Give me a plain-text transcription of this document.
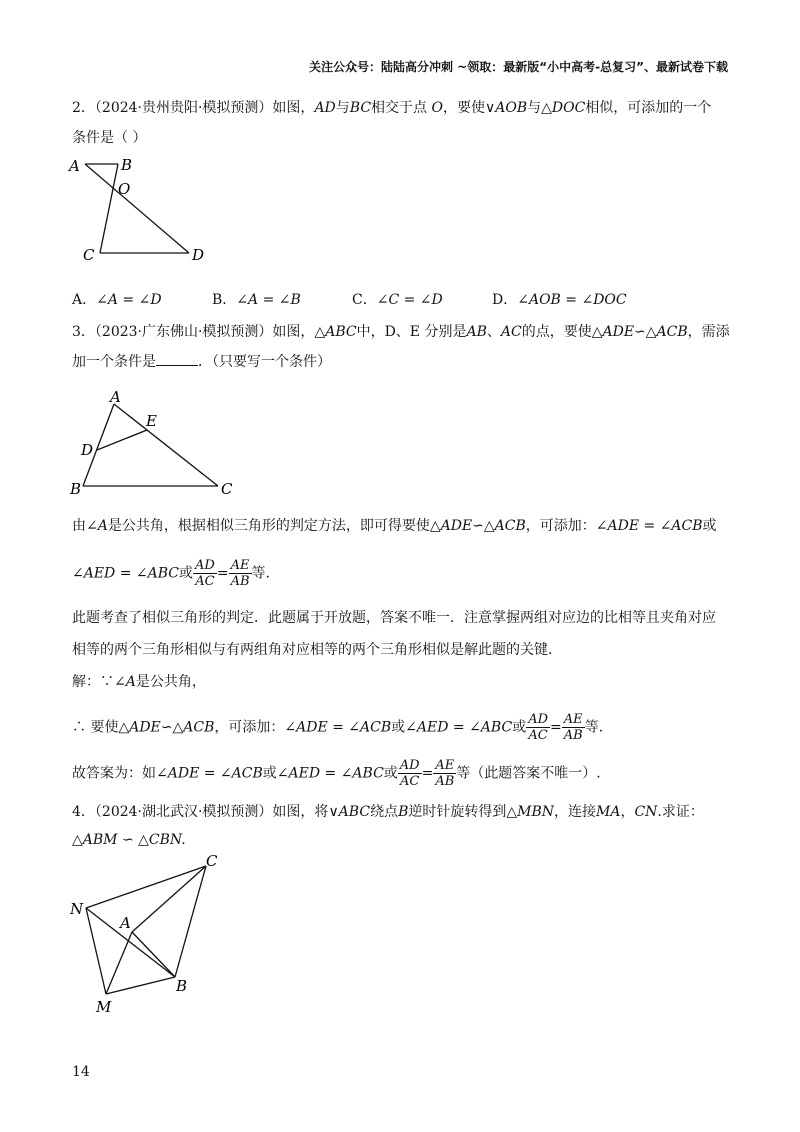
关注公众号：陆陆高分冲刺 ~领取：最新版“小中高考-总复习”、最新试卷下载
2．（2024·贵州贵阳·模拟预测）如图，AD与BC相交于点 O，要使∨AOB与△DOC相似，可添加的一个
条件是（ ）
A	B
O
C	D
A．∠A = ∠D	B．∠A = ∠B	C．∠C = ∠D	D．∠AOB = ∠DOC
3．（2023·广东佛山·模拟预测）如图，△ABC中，D、E 分别是AB、AC的点，要使△ADE∽△ACB，需添
加一个条件是	．（只要写一个条件）
A
E
D
B	C
由∠A是公共角，根据相似三角形的判定方法，即可得要使△ADE∽△ACB，可添加：∠ADE = ∠ACB或
∠AED = ∠ABC或 $\frac{AD}{AC} = \frac{AE}{AB}$ 等.
此题考查了相似三角形的判定．此题属于开放题，答案不唯一．注意掌握两组对应边的比相等且夹角对应
相等的两个三角形相似与有两组角对应相等的两个三角形相似是解此题的关键．
解：∵∠A是公共角，
∴ 要使△ADE∽△ACB，可添加：∠ADE = ∠ACB或∠AED = ∠ABC或 $\frac{AD}{AC} = \frac{AE}{AB}$ 等.
故答案为：如∠ADE = ∠ACB或∠AED = ∠ABC或 $\frac{AD}{AC} = \frac{AE}{AB}$ 等（此题答案不唯一）.
4．（2024·湖北武汉·模拟预测）如图，将∨ABC绕点B逆时针旋转得到△MBN，连接MA，CN.求证：
△ABM ∽ △CBN.
C
N
A
B
M
14
